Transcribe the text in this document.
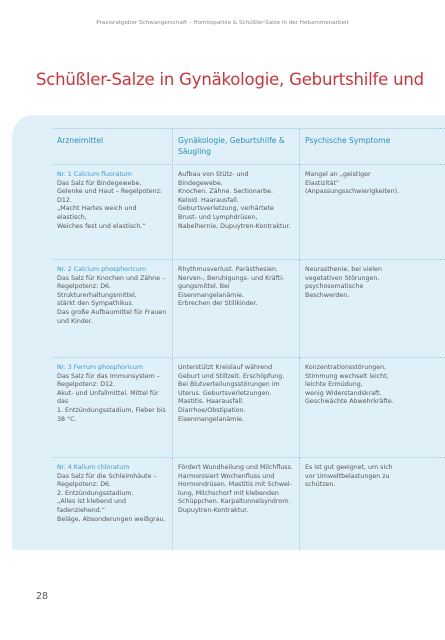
Praxisratgeber Schwangerschaft – Homöopathie & Schüßler-Salze in der Hebammenarbeit
Schüßler-Salze in Gynäkologie, Geburtshilfe und
Arzneimittel	Gynäkologie, Geburtshilfe & Säugling
Psychische Symptome
Nr. 1 Calcium fluoratum
Das Salz für Bindegewebe,
Gelenke und Haut – Regelpotenz: D12.
„Macht Hartes weich und elastisch,
Weiches fest und elastisch.“
Aufbau von Stütz- und Bindegewebe.
Knochen. Zähne. Sectionarbe.
Keloid. Haarausfall.
Geburtsverletzung, verhärtete
Brust- und Lymphdrüsen,
Nabelhernie, Dupuytren-Kontraktur.
Mangel an „geistiger
Elastizität“
(Anpassungsschwierigkeiten).
Nr. 2 Calcium phosphoricum
Das Salz für Knochen und Zähne –
Regelpotenz: D6.
Strukturerhaltungsmittel,
stärkt den Sympathikus.
Das große Aufbaumittel für Frauen
und Kinder.
Rhythmusverlust. Parästhesien.
Nerven-, Beruhigungs- und Kräfti-
gungsmittel. Bei Eisenmangelanämie.
Erbrechen der Stillkinder.
Neurasthenie, bei vielen
vegetativen Störungen,
psychosomatische
Beschwerden.
Nr. 3 Ferrum phosphoricum
Das Salz für das Immunsystem –
Regelpotenz: D12.
Akut- und Unfallmittel. Mittel für das
1. Entzündungsstadium, Fieber bis
38 °C.
Unterstützt Kreislauf während
Geburt und Stillzeit. Erschöpfung.
Bei Blutverteilungsstörungen im
Uterus. Geburtsverletzungen.
Mastitis. Haarausfall.
Diarrhoe/Obstipation.
Eisenmangelanämie.
Konzentrationsstörungen,
Stimmung wechselt leicht,
leichte Ermüdung,
wenig Widerstandskraft.
Geschwächte Abwehrkräfte.
Nr. 4 Kalium chloratum
Das Salz für die Schleimhäute –
Regelpotenz: D6.
2. Entzündungsstadium.
„Alles ist klebend und fadenziehend.“
Beläge, Absonderungen weißgrau.
Fördert Wundheilung und Milchfluss.
Harmonisiert Wochenfluss und
Hormondrüsen. Mastitis mit Schwel-
lung, Milchschorf mit klebenden
Schüppchen. Karpaltunnelsyndrom.
Dupuytren-Kontraktur.
Es ist gut geeignet, um sich
vor Umweltbelastungen zu
schützen.
28
